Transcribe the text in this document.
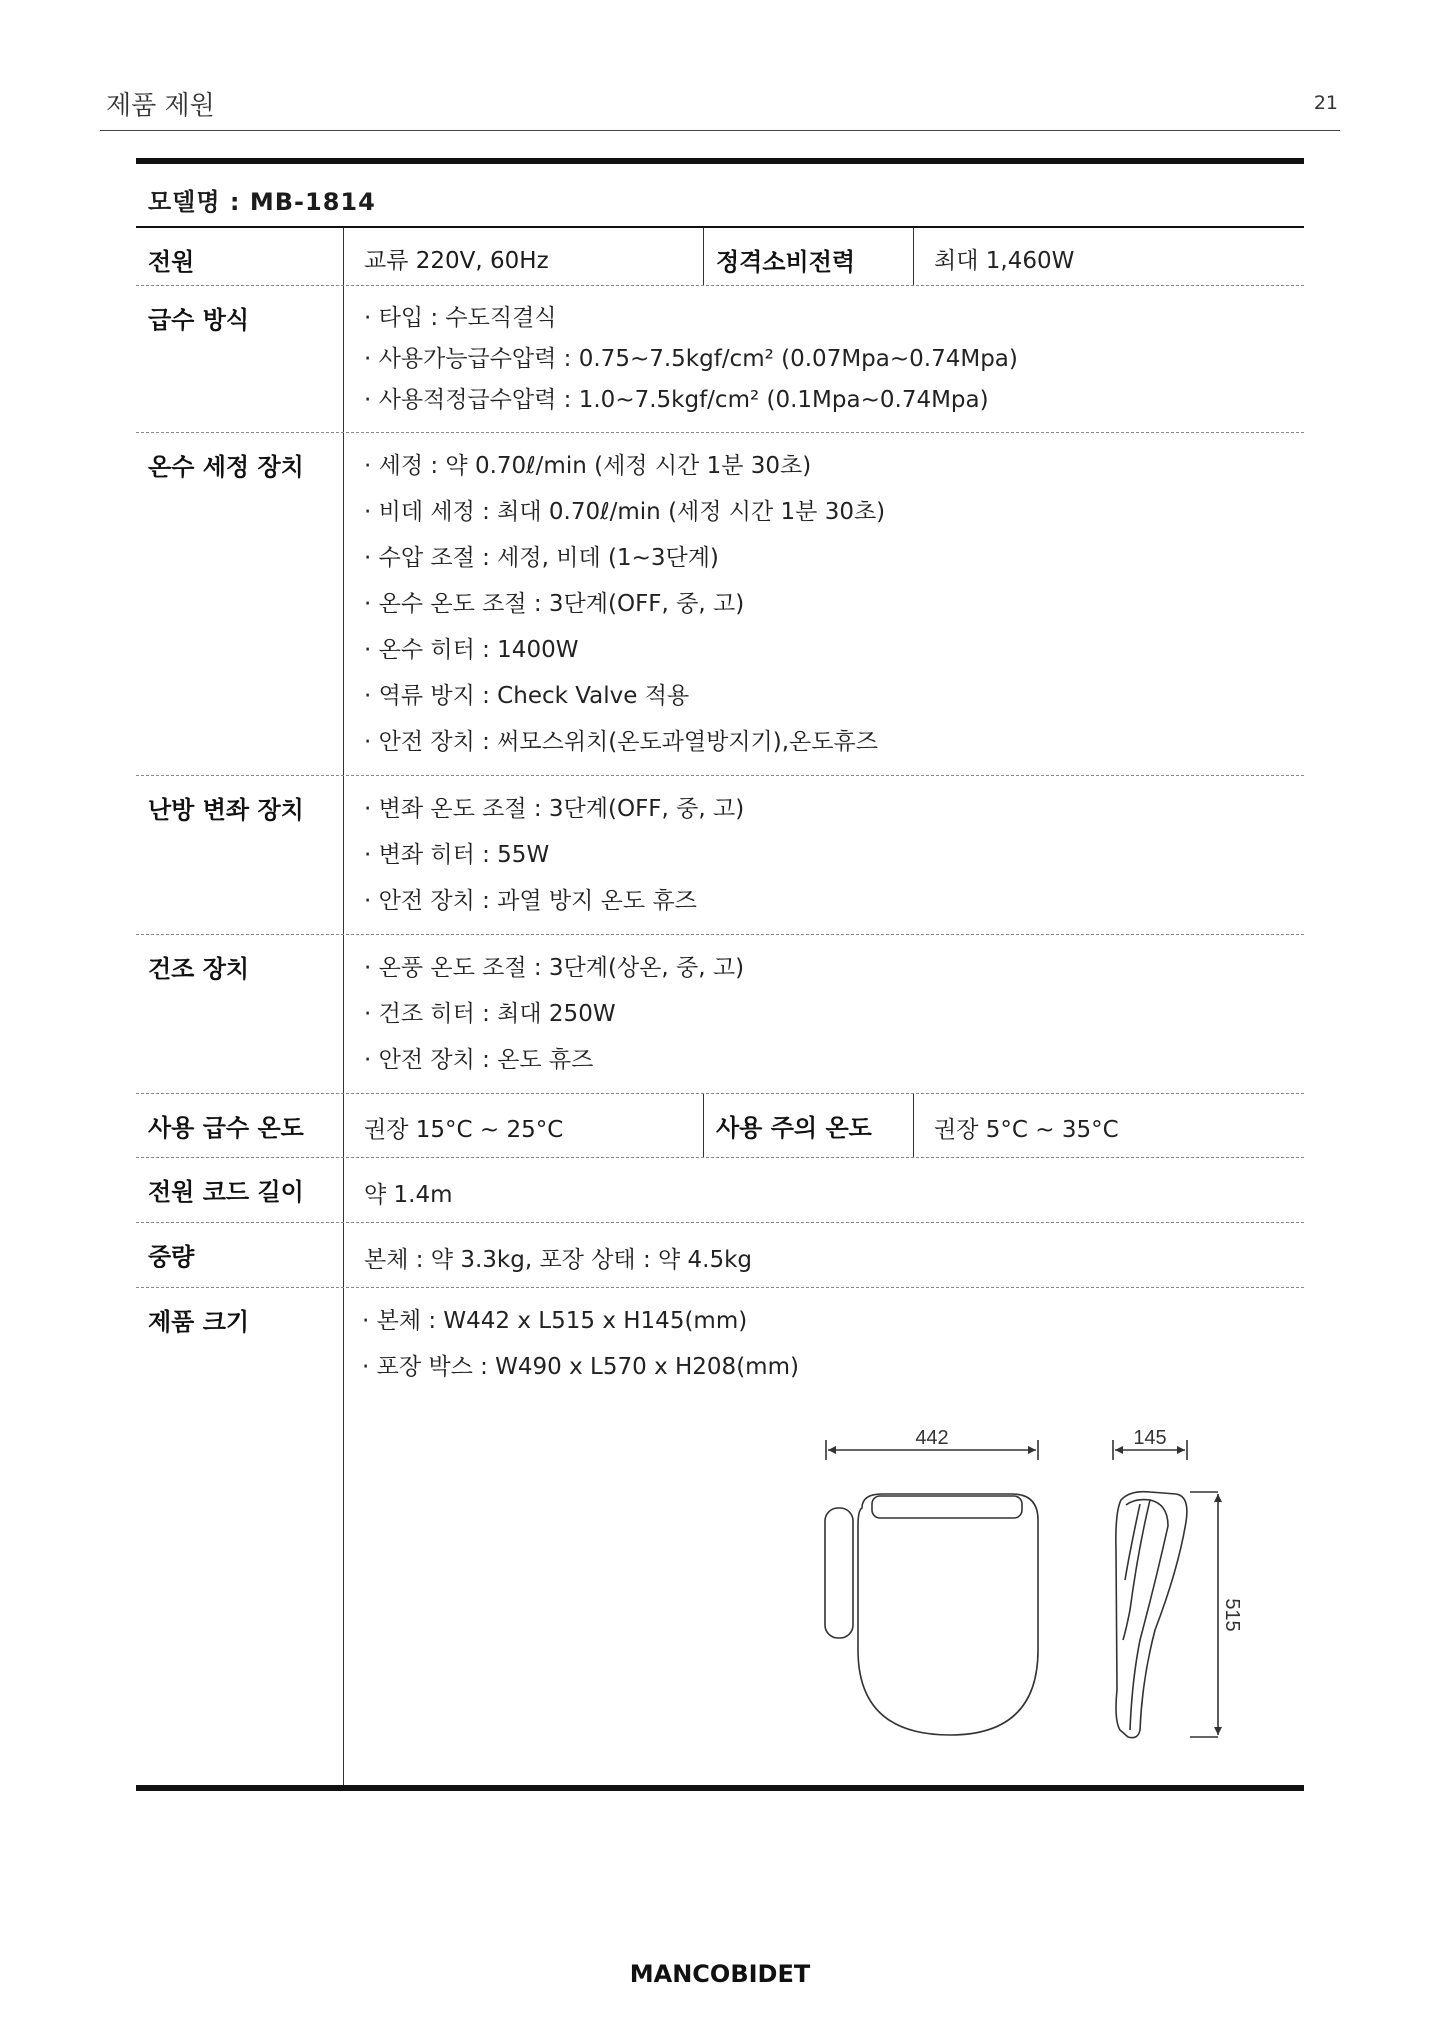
제품 제원	21
모델명 : MB-1814
전원	교류 220V, 60Hz	정격소비전력	최대 1,460W
급수 방식	· 타입 : 수도직결식
· 사용가능급수압력 : 0.75~7.5kgf/cm² (0.07Mpa~0.74Mpa)
· 사용적정급수압력 : 1.0~7.5kgf/cm² (0.1Mpa~0.74Mpa)
온수 세정 장치	· 세정 : 약 0.70ℓ/min (세정 시간 1분 30초)
· 비데 세정 : 최대 0.70ℓ/min (세정 시간 1분 30초)
· 수압 조절 : 세정, 비데 (1~3단계)
· 온수 온도 조절 : 3단계(OFF, 중, 고)
· 온수 히터 : 1400W
· 역류 방지 : Check Valve 적용
· 안전 장치 : 써모스위치(온도과열방지기),온도휴즈
난방 변좌 장치	· 변좌 온도 조절 : 3단계(OFF, 중, 고)
· 변좌 히터 : 55W
· 안전 장치 : 과열 방지 온도 휴즈
건조 장치	· 온풍 온도 조절 : 3단계(상온, 중, 고)
· 건조 히터 : 최대 250W
· 안전 장치 : 온도 휴즈
사용 급수 온도	권장 15°C ~ 25°C	사용 주의 온도	권장 5°C ~ 35°C
전원 코드 길이	약 1.4m
중량	본체 : 약 3.3kg, 포장 상태 : 약 4.5kg
제품 크기	· 본체 : W442 x L515 x H145(mm)
· 포장 박스 : W490 x L570 x H208(mm)
442	145
515
MANCOBIDET
